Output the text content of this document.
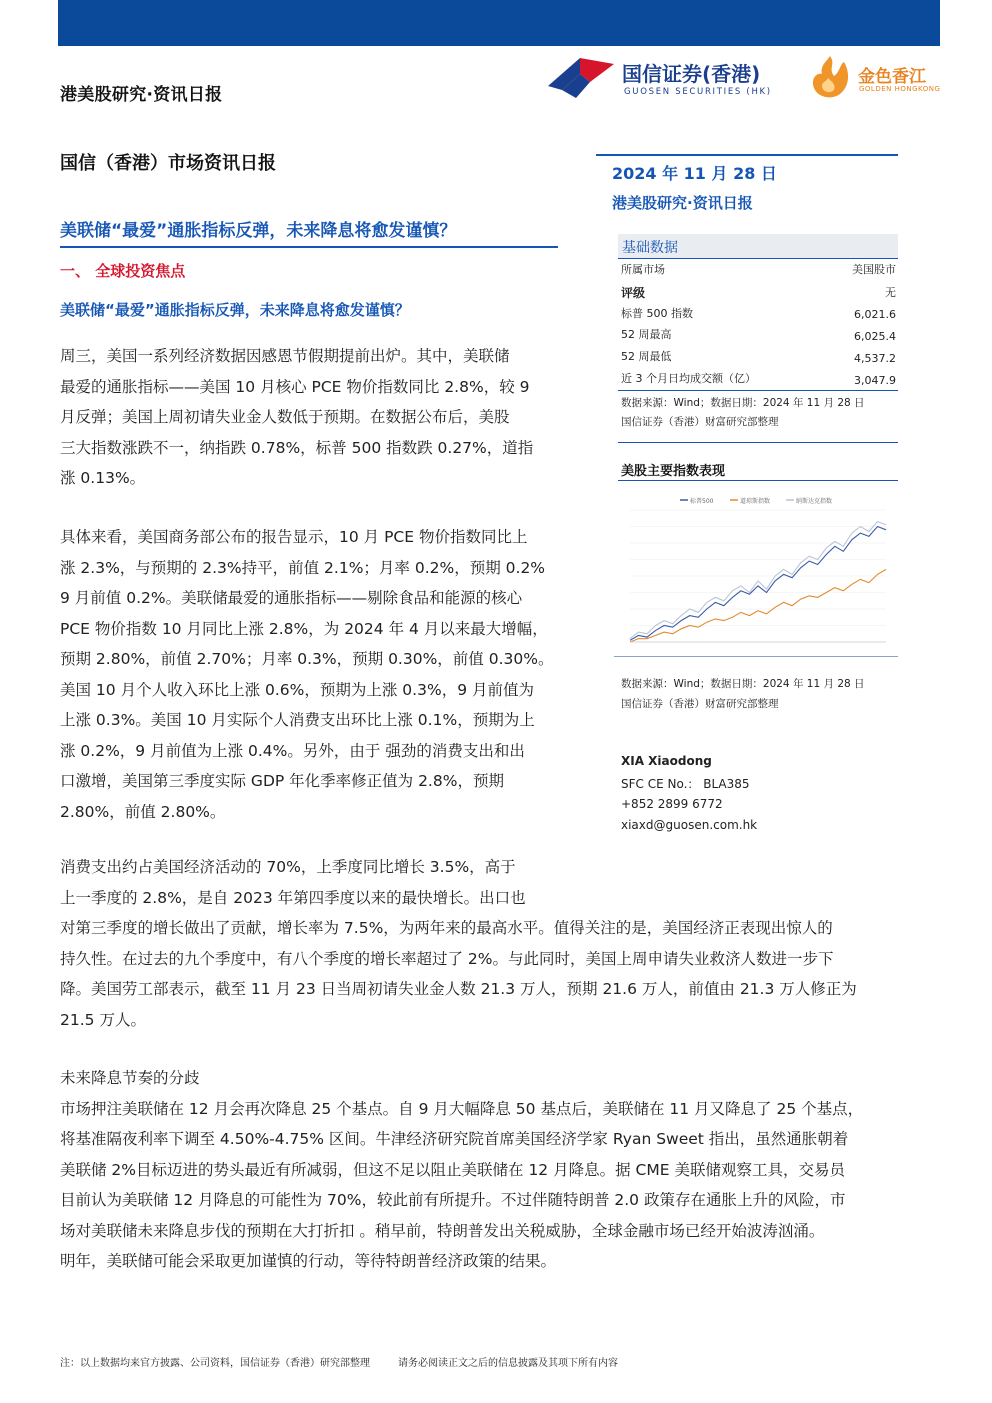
港美股研究·资讯日报
国信证券(香港)
GUOSEN SECURITIES (HK)
金色香江
GOLDEN HONGKONG
国信（香港）市场资讯日报
美联储“最爱”通胀指标反弹，未来降息将愈发谨慎？
一、 全球投资焦点
美联储“最爱”通胀指标反弹，未来降息将愈发谨慎？
周三，美国一系列经济数据因感恩节假期提前出炉。其中，美联储
最爱的通胀指标——美国 10 月核心 PCE 物价指数同比 2.8%，较 9
月反弹；美国上周初请失业金人数低于预期。在数据公布后，美股
三大指数涨跌不一，纳指跌 0.78%，标普 500 指数跌 0.27%，道指
涨 0.13%。
具体来看，美国商务部公布的报告显示，10 月 PCE 物价指数同比上
涨 2.3%，与预期的 2.3%持平，前值 2.1%；月率 0.2%，预期 0.2%
9 月前值 0.2%。美联储最爱的通胀指标——剔除食品和能源的核心
PCE 物价指数 10 月同比上涨 2.8%，为 2024 年 4 月以来最大增幅，
预期 2.80%，前值 2.70%；月率 0.3%，预期 0.30%，前值 0.30%。
美国 10 月个人收入环比上涨 0.6%，预期为上涨 0.3%，9 月前值为
上涨 0.3%。美国 10 月实际个人消费支出环比上涨 0.1%，预期为上
涨 0.2%，9 月前值为上涨 0.4%。另外，由于 强劲的消费支出和出
口激增，美国第三季度实际 GDP 年化季率修正值为 2.8%，预期
2.80%，前值 2.80%。
消费支出约占美国经济活动的 70%，上季度同比增长 3.5%，高于
上一季度的 2.8%，是自 2023 年第四季度以来的最快增长。出口也
对第三季度的增长做出了贡献，增长率为 7.5%，为两年来的最高水平。值得关注的是，美国经济正表现出惊人的
持久性。在过去的九个季度中，有八个季度的增长率超过了 2%。与此同时，美国上周申请失业救济人数进一步下
降。美国劳工部表示，截至 11 月 23 日当周初请失业金人数 21.3 万人，预期 21.6 万人，前值由 21.3 万人修正为
21.5 万人。
未来降息节奏的分歧
市场押注美联储在 12 月会再次降息 25 个基点。自 9 月大幅降息 50 基点后，美联储在 11 月又降息了 25 个基点，
将基准隔夜利率下调至 4.50%-4.75% 区间。牛津经济研究院首席美国经济学家 Ryan Sweet 指出，虽然通胀朝着
美联储 2%目标迈进的势头最近有所减弱，但这不足以阻止美联储在 12 月降息。据 CME 美联储观察工具，交易员
目前认为美联储 12 月降息的可能性为 70%，较此前有所提升。不过伴随特朗普 2.0 政策存在通胀上升的风险，市
场对美联储未来降息步伐的预期在大打折扣 。稍早前，特朗普发出关税威胁，全球金融市场已经开始波涛汹涌。
明年，美联储可能会采取更加谨慎的行动，等待特朗普经济政策的结果。
2024 年 11 月 28 日
港美股研究·资讯日报
基础数据
所属市场	美国股市
评级	无
标普 500 指数	6,021.6
52 周最高	6,025.4
52 周最低	4,537.2
近 3 个月日均成交额（亿）	3,047.9
数据来源：Wind；数据日期：2024 年 11 月 28 日
国信证券（香港）财富研究部整理
美股主要指数表现
标普500	道琼斯指数	纳斯达克指数
数据来源：Wind；数据日期：2024 年 11 月 28 日
国信证券（香港）财富研究部整理
XIA Xiaodong
SFC CE No.： BLA385
+852 2899 6772
xiaxd@guosen.com.hk
注：以上数据均来官方披露、公司资料，国信证券（香港）研究部整理	请务必阅读正文之后的信息披露及其项下所有内容
